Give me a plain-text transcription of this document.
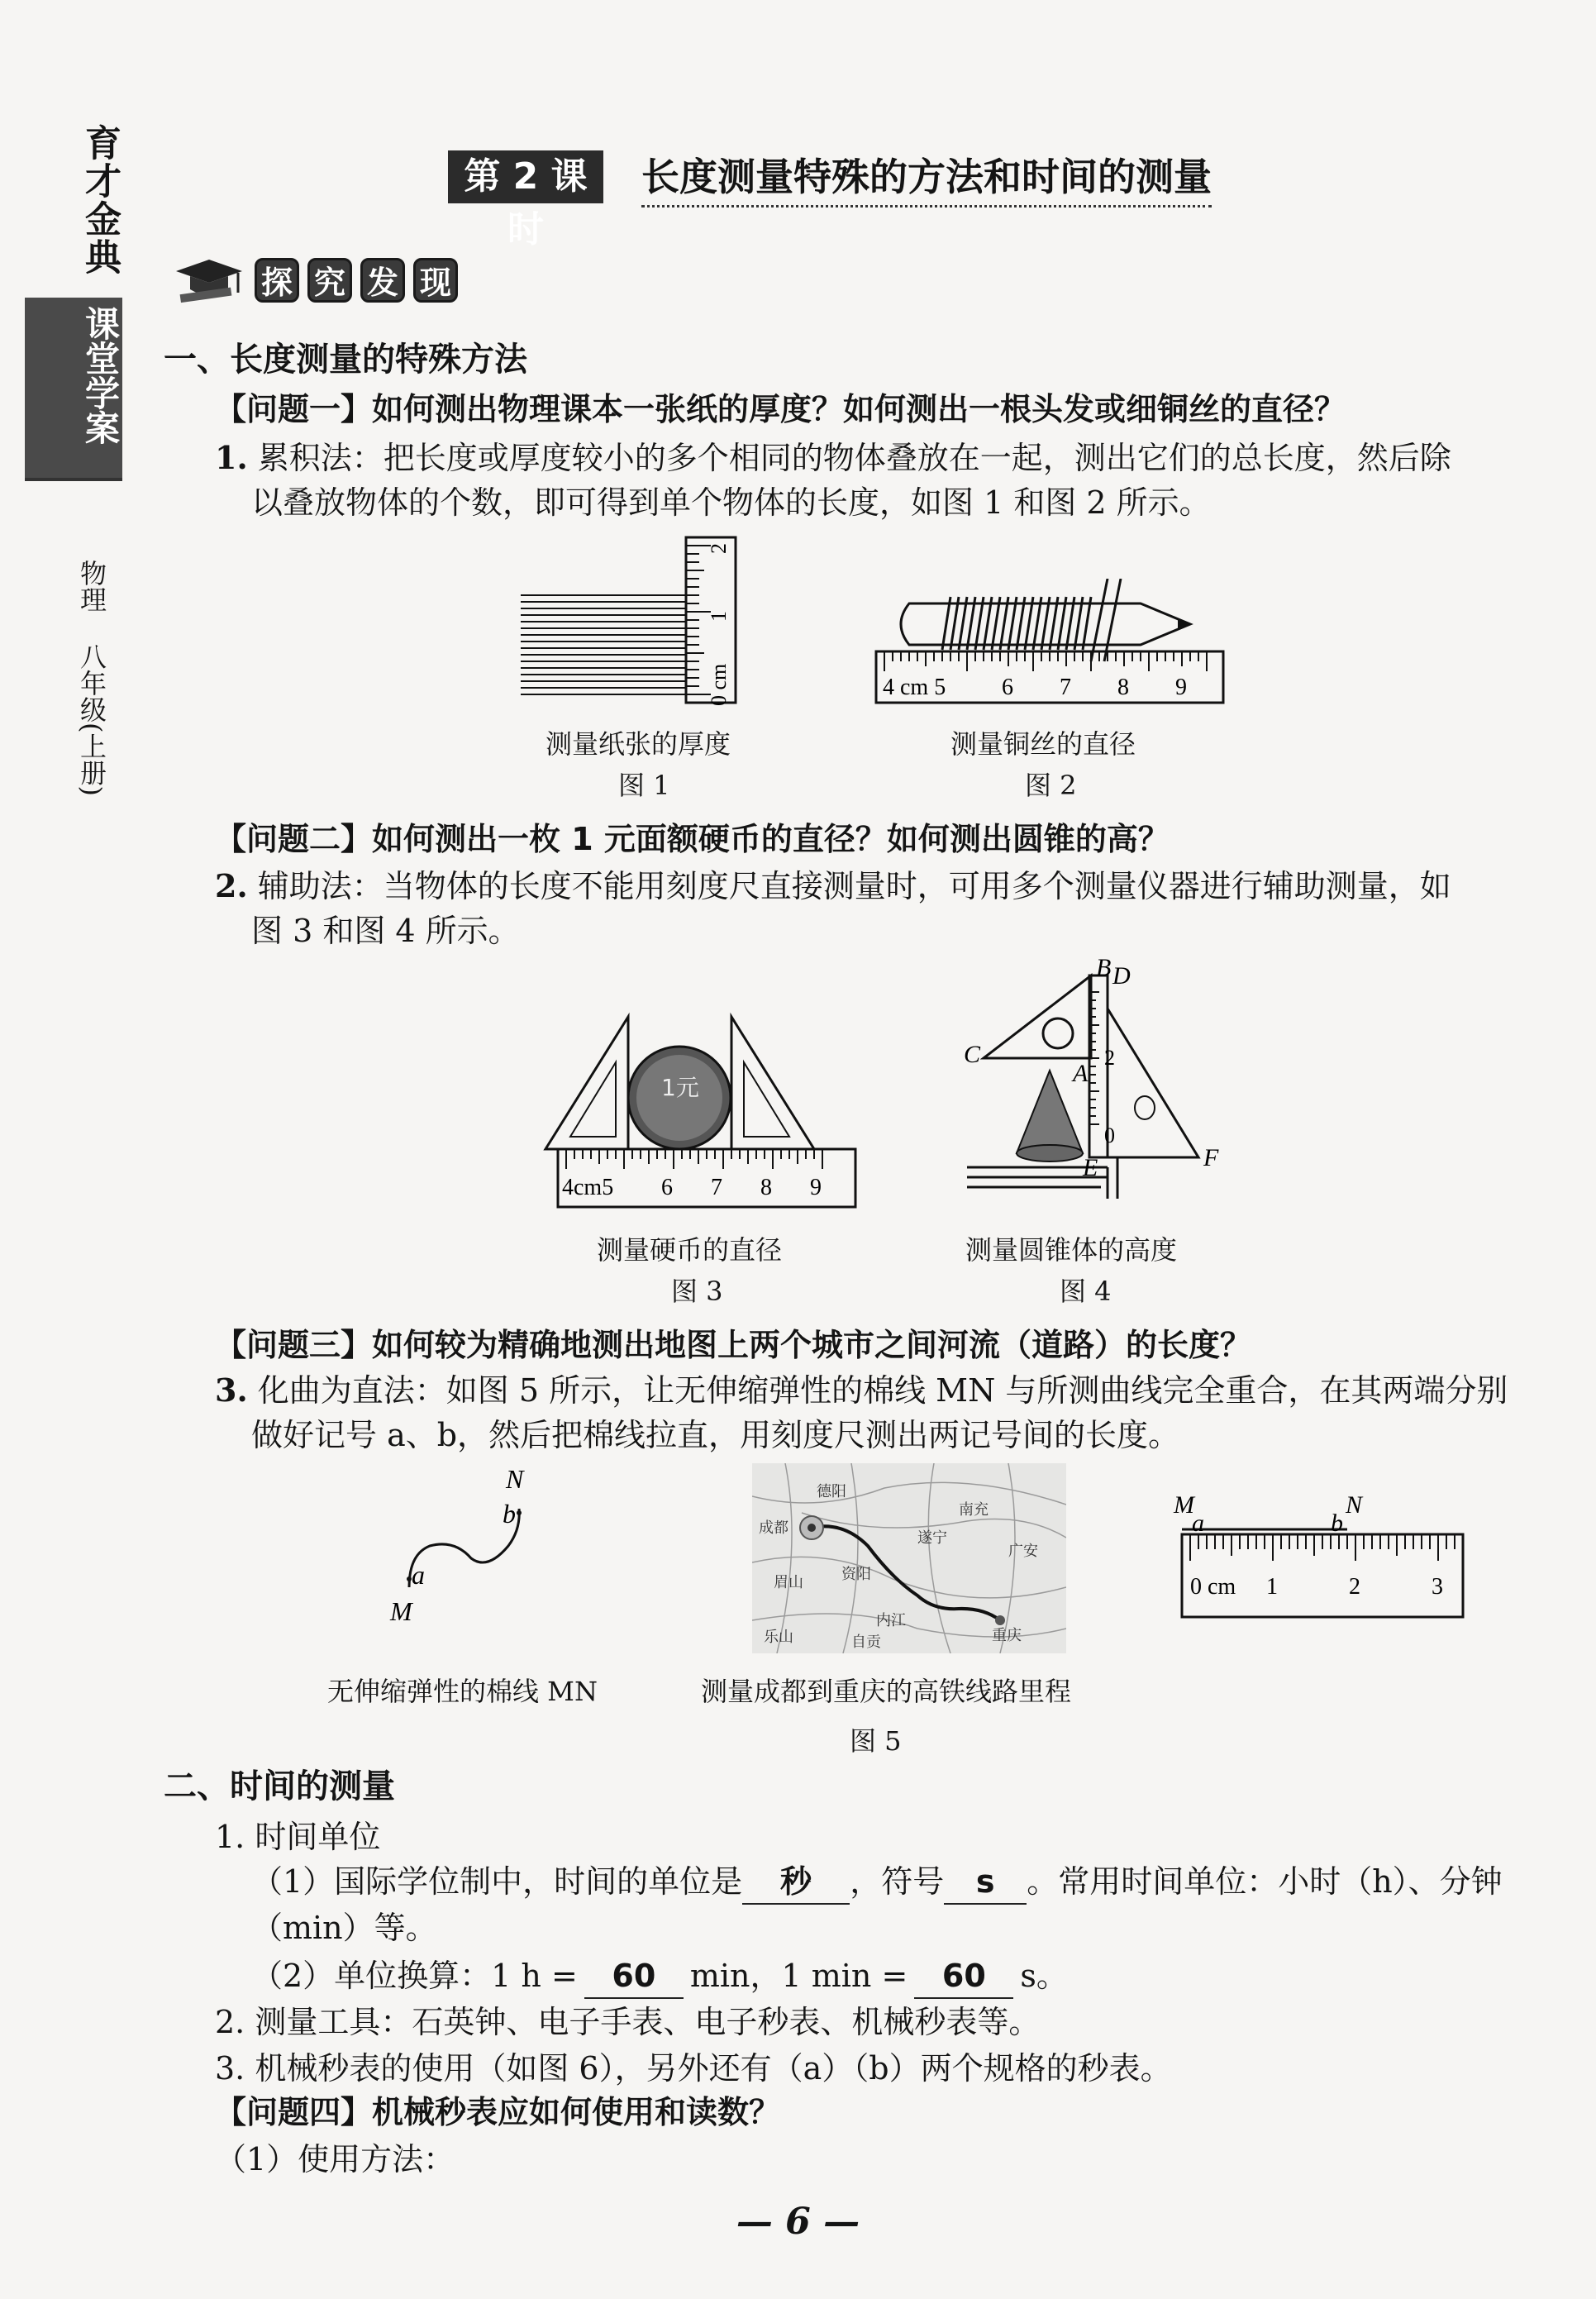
育才金典
课堂学案
物理 八年级(上册)
第 2 课时
长度测量特殊的方法和时间的测量
探 究 发 现
一、长度测量的特殊方法
【问题一】如何测出物理课本一张纸的厚度？如何测出一根头发或细铜丝的直径？
1. 累积法：把长度或厚度较小的多个相同的物体叠放在一起，测出它们的总长度，然后除
以叠放物体的个数，即可得到单个物体的长度，如图 1 和图 2 所示。
0 cm
1
2
测量纸张的厚度
图 1
4 cm 5 6 7 8 9
测量铜丝的直径
图 2
【问题二】如何测出一枚 1 元面额硬币的直径？如何测出圆锥的高？
2. 辅助法：当物体的长度不能用刻度尺直接测量时，可用多个测量仪器进行辅助测量，如
图 3 和图 4 所示。
1元
4cm5 6 7 8 9
测量硬币的直径
图 3
B D
C
A
E	F
2
0
测量圆锥体的高度
图 4
【问题三】如何较为精确地测出地图上两个城市之间河流（道路）的长度？
3. 化曲为直法：如图 5 所示，让无伸缩弹性的棉线 MN 与所测曲线完全重合，在其两端分别
做好记号 a、b，然后把棉线拉直，用刻度尺测出两记号间的长度。
N
b
a
M
无伸缩弹性的棉线 MN
德阳
南充
成都
遂宁
广安
眉山	资阳
乐山
内江
自贡	重庆
测量成都到重庆的高铁线路里程
图 5
M
a	b
N
0 cm 1	2	3
二、时间的测量
1. 时间单位
（1）国际学位制中，时间的单位是 秒 ，符号 s 。常用时间单位：小时（h）、分钟
（min）等。
（2）单位换算：1 h = 60 min，1 min = 60 s。
2. 测量工具：石英钟、电子手表、电子秒表、机械秒表等。
3. 机械秒表的使用（如图 6），另外还有（a）（b）两个规格的秒表。
【问题四】机械秒表应如何使用和读数？
（1）使用方法：
— 6 —
